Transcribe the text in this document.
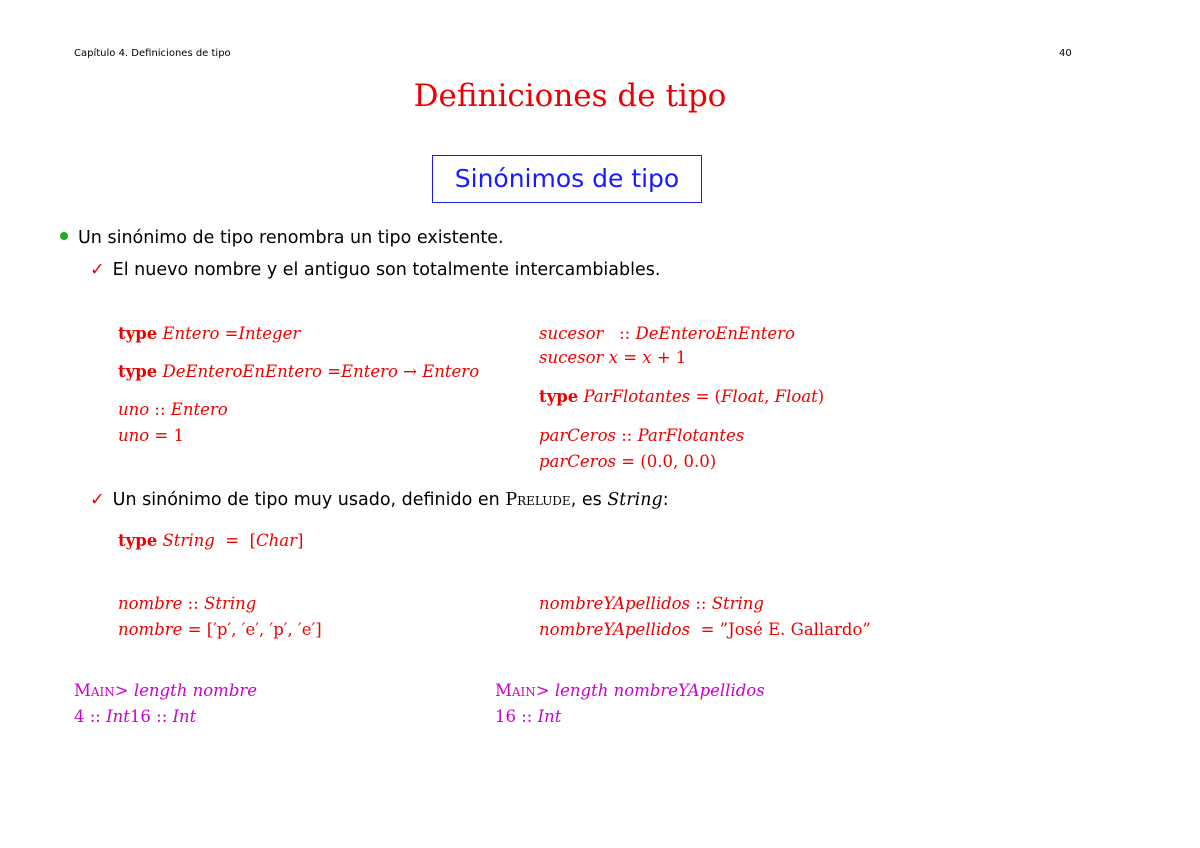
Capítulo 4. Definiciones de tipo	40
Definiciones de tipo
Sinónimos de tipo
Un sinónimo de tipo renombra un tipo existente.
✓ El nuevo nombre y el antiguo son totalmente intercambiables.
type Entero =Integer
type DeEnteroEnEntero =Entero → Entero
uno :: Entero
uno = 1
sucesor   :: DeEnteroEnEntero
sucesor x = x + 1
type ParFlotantes = (Float, Float)
parCeros :: ParFlotantes
parCeros = (0.0, 0.0)
✓ Un sinónimo de tipo muy usado, definido en Prelude, es String:
type String  =  [Char]
nombre :: String
nombre = [′p′, ′e′, ′p′, ′e′]
nombreYApellidos :: String
nombreYApellidos  = ”José E. Gallardo”
Main> length nombre
4 :: Int16 :: Int
Main> length nombreYApellidos
16 :: Int
